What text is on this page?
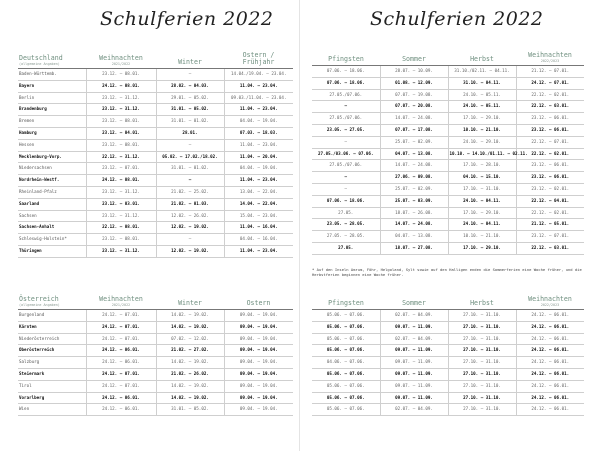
Schulferien 2022
Deutschland
(allgemeine Angaben)	Weihnachten
2021/2022	Winter	Ostern /
Frühjahr

Baden-Württemb.	23.12. – 08.01.	–	14.04./19.04. – 23.04.
Bayern	24.12. – 08.01.	28.02. – 04.03.	11.04. – 23.04.
Berlin	23.12. – 31.12.	29.01. – 05.02.	09.03./11.04. – 23.04.
Brandenburg	23.12. – 31.12.	31.01. – 05.02.	11.04. – 23.04.
Bremen	23.12. – 08.01.	31.01. – 01.02.	04.04. – 19.04.
Hamburg	23.12. – 04.01.	28.01.	07.03. – 18.03.
Hessen	23.12. – 08.01.	–	11.04. – 23.04.
Mecklenburg-Vorp.	22.12. – 31.12.	05.02. – 17.02./18.02.	11.04. – 20.04.
Niedersachsen	23.12. – 07.01.	31.01. – 01.02.	04.04. – 19.04.
Nordrhein-Westf.	24.12. – 08.01.	–	11.04. – 23.04.
Rheinland-Pfalz	23.12. – 31.12.	21.02. – 25.02.	13.04. – 22.04.
Saarland	23.12. – 03.01.	21.02. – 01.03.	14.04. – 22.04.
Sachsen	23.12. – 31.12.	12.02. – 26.02.	15.04. – 23.04.
Sachsen-Anhalt	22.12. – 08.01.	12.02. – 19.02.	11.04. – 16.04.
Schleswig-Holstein*	23.12. – 08.01.	–	04.04. – 16.04.
Thüringen	23.12. – 31.12.	12.02. – 19.02.	11.04. – 23.04.
Österreich
(allgemeine Angaben)	Weihnachten
2021/2022	Winter	Ostern
Burgenland	24.12. – 07.01.	14.02. – 19.02.	09.04. – 19.04.
Kärnten	24.12. – 07.01.	14.02. – 19.02.	09.04. – 19.04.
Niederösterreich	24.12. – 07.01.	07.02. – 12.02.	09.04. – 19.04.
Oberösterreich	24.12. – 06.01.	21.02. – 27.02.	09.04. – 19.04.
Salzburg	24.12. – 06.01.	14.02. – 19.02.	09.04. – 19.04.
Steiermark	24.12. – 07.01.	21.02. – 26.02.	09.04. – 19.04.
Tirol	24.12. – 07.01.	14.02. – 19.02.	09.04. – 19.04.
Vorarlberg	24.12. – 06.01.	14.02. – 19.02.	09.04. – 19.04.
Wien	24.12. – 06.01.	31.01. – 05.02.	09.04. – 19.04.
Schulferien 2022
Pfingsten	Sommer	Herbst	Weihnachten
2022/2023

07.06. – 18.06.	28.07. – 10.09.	31.10./02.11. – 04.11.	21.12. – 07.01.
07.06. – 18.06.	01.08. – 12.09.	31.10. – 04.11.	24.12. – 07.01.
27.05./07.06.	07.07. – 19.08.	24.10. – 05.11.	22.12. – 02.01.
–	07.07. – 20.08.	24.10. – 05.11.	22.12. – 03.01.
27.05./07.06.	14.07. – 24.08.	17.10. – 29.10.	23.12. – 06.01.
23.05. – 27.05.	07.07. – 17.08.	10.10. – 21.10.	23.12. – 06.01.
–	25.07. – 02.09.	24.10. – 29.10.	22.12. – 07.01.
27.05./03.06. – 07.06.	04.07. – 13.08.	10.10. – 14.10./01.11. – 02.11.	22.12. – 02.01.
27.05./07.06.	14.07. – 24.08.	17.10. – 28.10.	23.12. – 06.01.
–	27.06. – 09.08.	04.10. – 15.10.	23.12. – 06.01.
–	25.07. – 02.09.	17.10. – 31.10.	23.12. – 02.01.
07.06. – 18.06.	25.07. – 03.09.	24.10. – 04.11.	22.12. – 04.01.
27.05.	18.07. – 26.08.	17.10. – 29.10.	22.12. – 02.01.
23.05. – 28.05.	14.07. – 24.08.	24.10. – 04.11.	21.12. – 05.01.
27.05. – 28.05.	04.07. – 13.08.	10.10. – 21.10.	23.12. – 07.01.
27.05.	18.07. – 27.08.	17.10. – 29.10.	22.12. – 03.01.
* Auf den Inseln Amrum, Föhr, Helgoland, Sylt sowie auf den Halligen enden die Sommerferien eine Woche früher, und die Herbstferien beginnen eine Woche früher.
Pfingsten	Sommer	Herbst	Weihnachten
2022/2023

05.06. – 07.06.	02.07. – 04.09.	27.10. – 31.10.	24.12. – 06.01.
05.06. – 07.06.	09.07. – 11.09.	27.10. – 31.10.	24.12. – 06.01.
05.06. – 07.06.	02.07. – 04.09.	27.10. – 31.10.	24.12. – 06.01.
05.06. – 07.06.	09.07. – 11.09.	27.10. – 31.10.	24.12. – 06.01.
04.06. – 07.06.	09.07. – 11.09.	27.10. – 31.10.	24.12. – 06.01.
05.06. – 07.06.	09.07. – 11.09.	27.10. – 31.10.	24.12. – 06.01.
05.06. – 07.06.	09.07. – 11.09.	27.10. – 31.10.	24.12. – 06.01.
05.06. – 07.06.	09.07. – 11.09.	27.10. – 31.10.	24.12. – 06.01.
05.06. – 07.06.	02.07. – 04.09.	27.10. – 31.10.	24.12. – 06.01.
